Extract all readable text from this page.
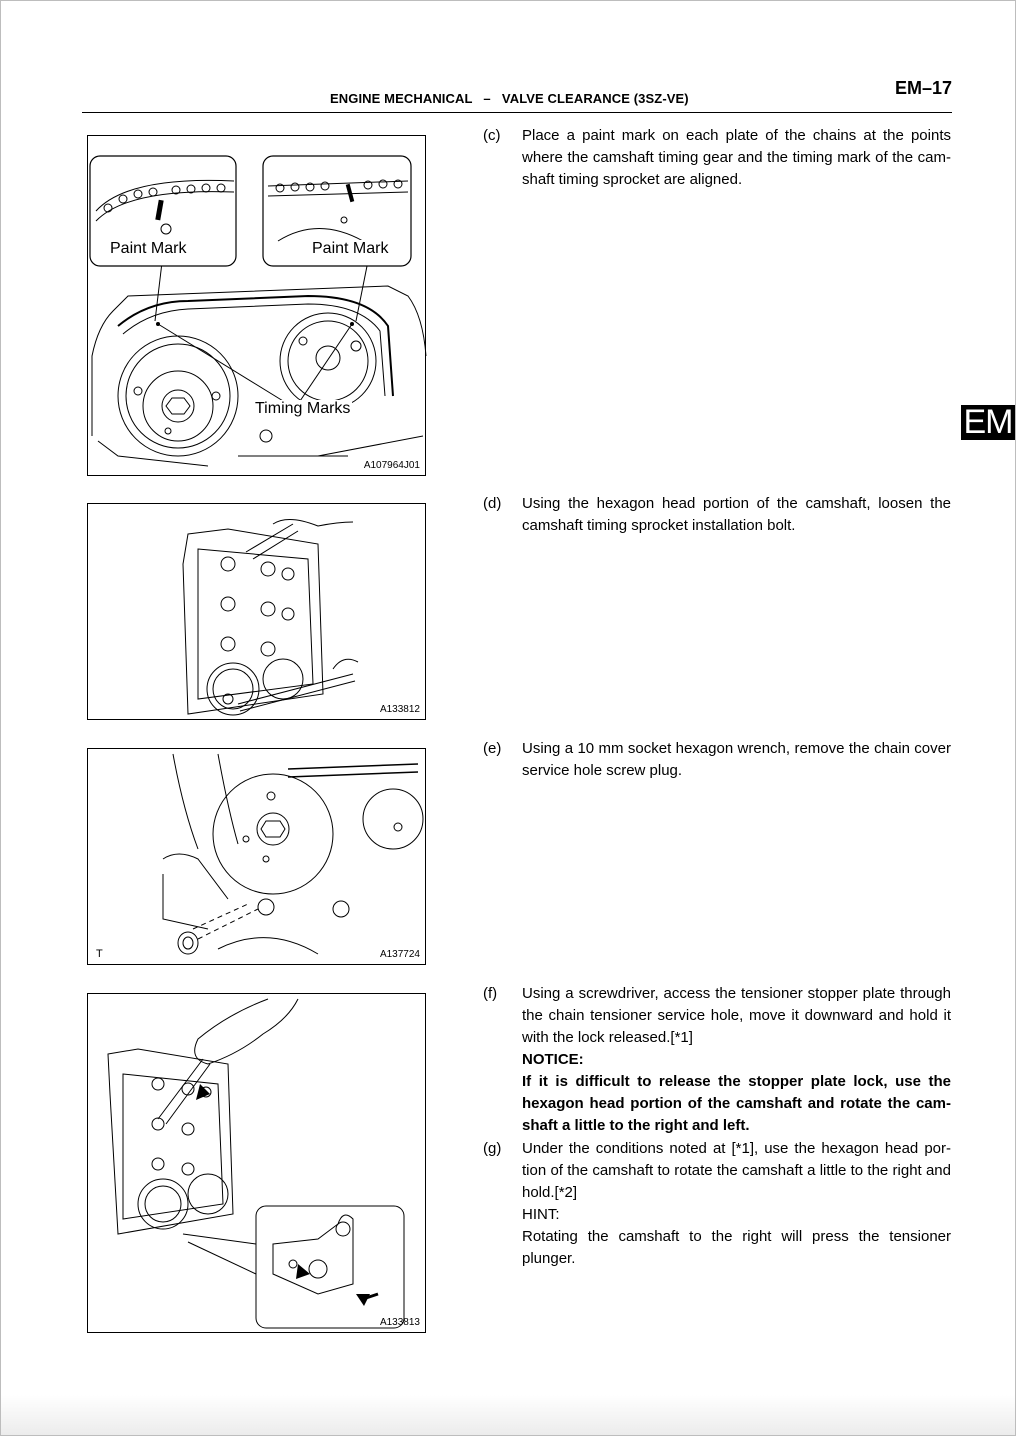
ENGINE MECHANICAL   –   VALVE CLEARANCE (3SZ-VE)
EM–17
EM
Paint Mark	Paint Mark
Timing Marks
A107964J01
A133812
T	A137724
A133813
(c) Place a paint mark on each plate of the chains at the points where the camshaft timing gear and the timing mark of the cam-shaft timing sprocket are aligned.

(d) Using the hexagon head portion of the camshaft, loosen the camshaft timing sprocket installation bolt.

(e) Using a 10 mm socket hexagon wrench, remove the chain cover service hole screw plug.

(f) Using a screwdriver, access the tensioner stopper plate through the chain tensioner service hole, move it downward and hold it with the lock released.[*1]

NOTICE:

If it is difficult to release the stopper plate lock, use the hexagon head portion of the camshaft and rotate the cam-shaft a little to the right and left.

(g) Under the conditions noted at [*1], use the hexagon head por-tion of the camshaft to rotate the camshaft a little to the right and hold.[*2]

HINT:

Rotating the camshaft to the right will press the tensioner plunger.
